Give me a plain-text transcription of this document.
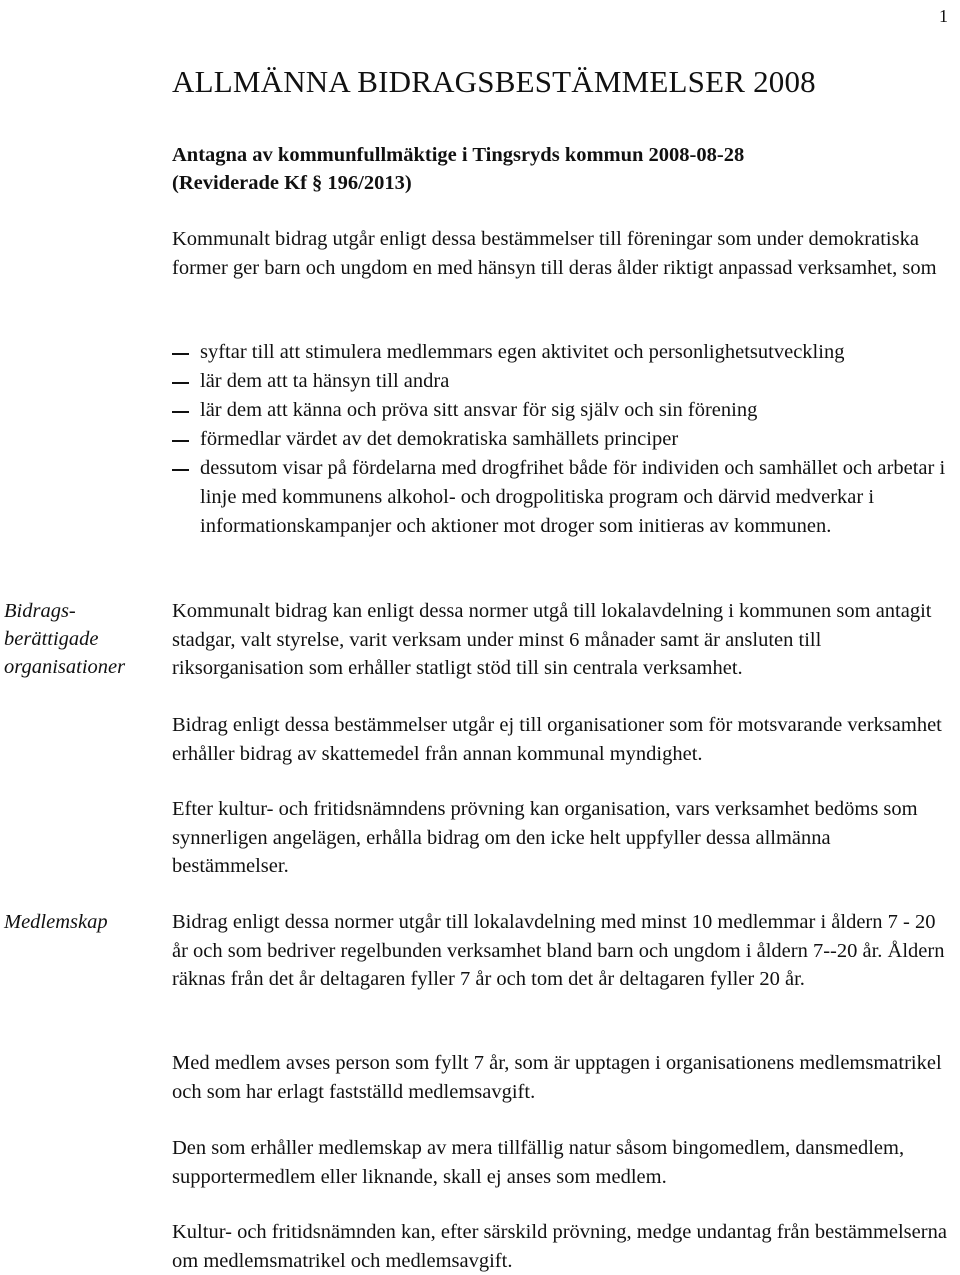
1
ALLMÄNNA BIDRAGSBESTÄMMELSER 2008
Antagna av kommunfullmäktige i Tingsryds kommun 2008-08-28
(Reviderade Kf § 196/2013)

Kommunalt bidrag utgår enligt dessa bestämmelser till föreningar som under demokratiska former ger barn och ungdom en med hänsyn till deras ålder riktigt anpassad verksamhet, som

syftar till att stimulera medlemmars egen aktivitet och personlighetsutveckling
lär dem att ta hänsyn till andra
lär dem att känna och pröva sitt ansvar för sig själv och sin förening
förmedlar värdet av det demokratiska samhällets principer
dessutom visar på fördelarna med drogfrihet både för individen och samhället och arbetar i linje med kommunens alkohol- och drogpolitiska program och därvid medverkar i informationskampanjer och aktioner mot droger som initieras av kommunen.
Bidrags-
berättigade
organisationer

Kommunalt bidrag kan enligt dessa normer utgå till lokalavdelning i kommunen som antagit stadgar, valt styrelse, varit verksam under minst 6 månader samt är ansluten till riksorganisation som erhåller statligt stöd till sin centrala verksamhet.

Bidrag enligt dessa bestämmelser utgår ej till organisationer som för motsvarande verksamhet erhåller bidrag av skattemedel från annan kommunal myndighet.

Efter kultur- och fritidsnämndens prövning kan organisation, vars verksamhet bedöms som synnerligen angelägen, erhålla bidrag om den icke helt uppfyller dessa allmänna bestämmelser.

Medlemskap	Bidrag enligt dessa normer utgår till lokalavdelning med minst 10 medlemmar i åldern 7 - 20 år och som bedriver regelbunden verksamhet bland barn och ungdom i åldern 7--20 år. Åldern räknas från det år deltagaren fyller 7 år och tom det år deltagaren fyller 20 år.

Med medlem avses person som fyllt 7 år, som är upptagen i organisationens medlemsmatrikel och som har erlagt fastställd medlemsavgift.

Den som erhåller medlemskap av mera tillfällig natur såsom bingomedlem, dansmedlem, supportermedlem eller liknande, skall ej anses som medlem.

Kultur- och fritidsnämnden kan, efter särskild prövning, medge undantag från bestämmelserna om medlemsmatrikel och medlemsavgift.
